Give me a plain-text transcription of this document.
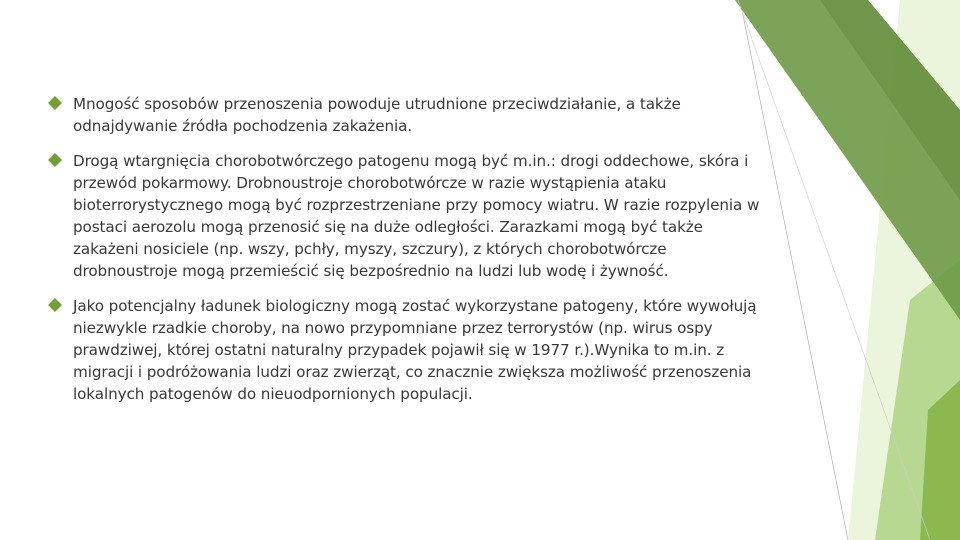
Mnogość sposobów przenoszenia powoduje utrudnione przeciwdziałanie, a także odnajdywanie źródła pochodzenia zakażenia.
Drogą wtargnięcia chorobotwórczego patogenu mogą być m.in.: drogi oddechowe, skóra i przewód pokarmowy. Drobnoustroje chorobotwórcze w razie wystąpienia ataku bioterrorystycznego mogą być rozprzestrzeniane przy pomocy wiatru. W razie rozpylenia w postaci aerozolu mogą przenosić się na duże odległości. Zarazkami mogą być także zakażeni nosiciele (np. wszy, pchły, myszy, szczury), z których chorobotwórcze drobnoustroje mogą przemieścić się bezpośrednio na ludzi lub wodę i żywność.
Jako potencjalny ładunek biologiczny mogą zostać wykorzystane patogeny, które wywołują niezwykle rzadkie choroby, na nowo przypomniane przez terrorystów (np. wirus ospy prawdziwej, której ostatni naturalny przypadek pojawił się w 1977 r.).Wynika to m.in. z migracji i podróżowania ludzi oraz zwierząt, co znacznie zwiększa możliwość przenoszenia lokalnych patogenów do nieuodpornionych populacji.
